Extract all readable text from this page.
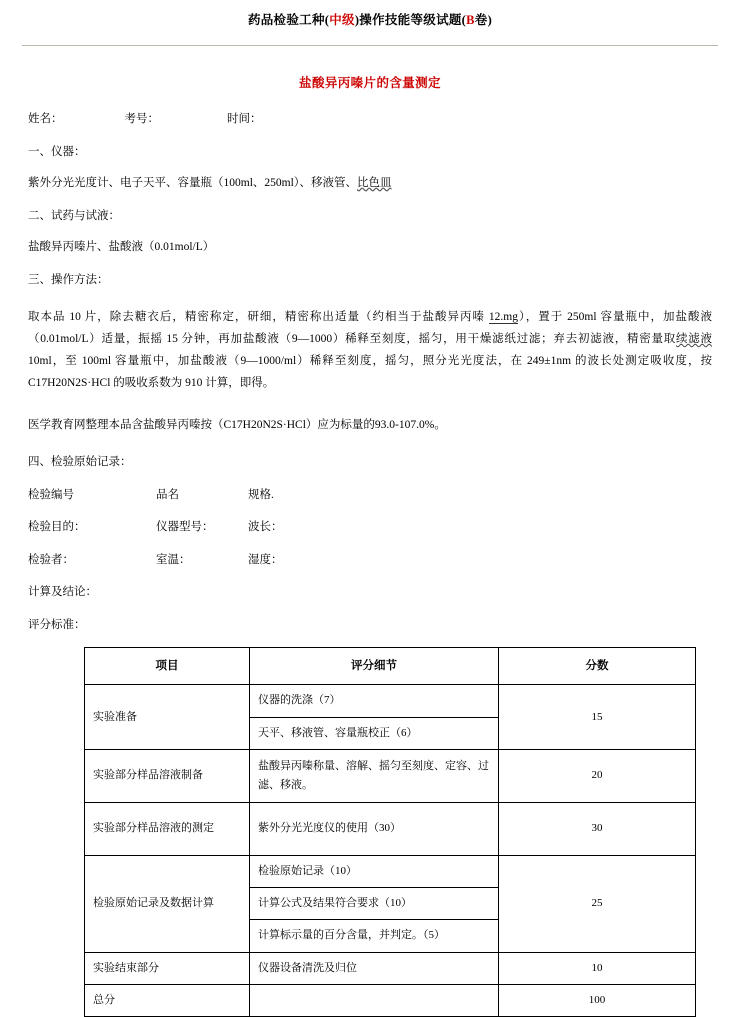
药品检验工种(中级)操作技能等级试题(B卷)
盐酸异丙嗪片的含量测定
姓名：	考号：	时间：
一、仪器：
紫外分光光度计、电子天平、容量瓶（100ml、250ml）、移液管、比色皿
二、试药与试液：
盐酸异丙嗪片、盐酸液（0.01mol/L）
三、操作方法：
取本品 10 片，除去糖衣后，精密称定，研细，精密称出适量（约相当于盐酸异丙嗪 12.mg），置于 250ml 容量瓶中，加盐酸液（0.01mol/L）适量，振摇 15 分钟，再加盐酸液（9—1000）稀释至刻度，摇匀，用干燥滤纸过滤；弃去初滤液，精密量取续滤液 10ml，至 100ml 容量瓶中，加盐酸液（9—1000/ml）稀释至刻度，摇匀，照分光光度法，在 249±1nm 的波长处测定吸收度，按 C17H20N2S·HCl 的吸收系数为 910 计算，即得。
医学教育网整理本品含盐酸异丙嗪按（C17H20N2S·HCl）应为标量的93.0-107.0%。
四、检验原始记录：
检验编号	品名	规格.
检验目的：	仪器型号：	波长：
检验者：	室温：	湿度：
计算及结论：
评分标准：
项目	评分细节	分数
实验准备	仪器的洗涤（7）	15
	天平、移液管、容量瓶校正（6）	
实验部分样品溶液制备	盐酸异丙嗪称量、溶解、摇匀至刻度、定容、过滤、移液。	20
实验部分样品溶液的测定	紫外分光光度仪的使用（30）	30
检验原始记录及数据计算	检验原始记录（10）	25
	计算公式及结果符合要求（10）	
	计算标示量的百分含量，并判定。（5）	
实验结束部分	仪器设备清洗及归位	10
总分		100
